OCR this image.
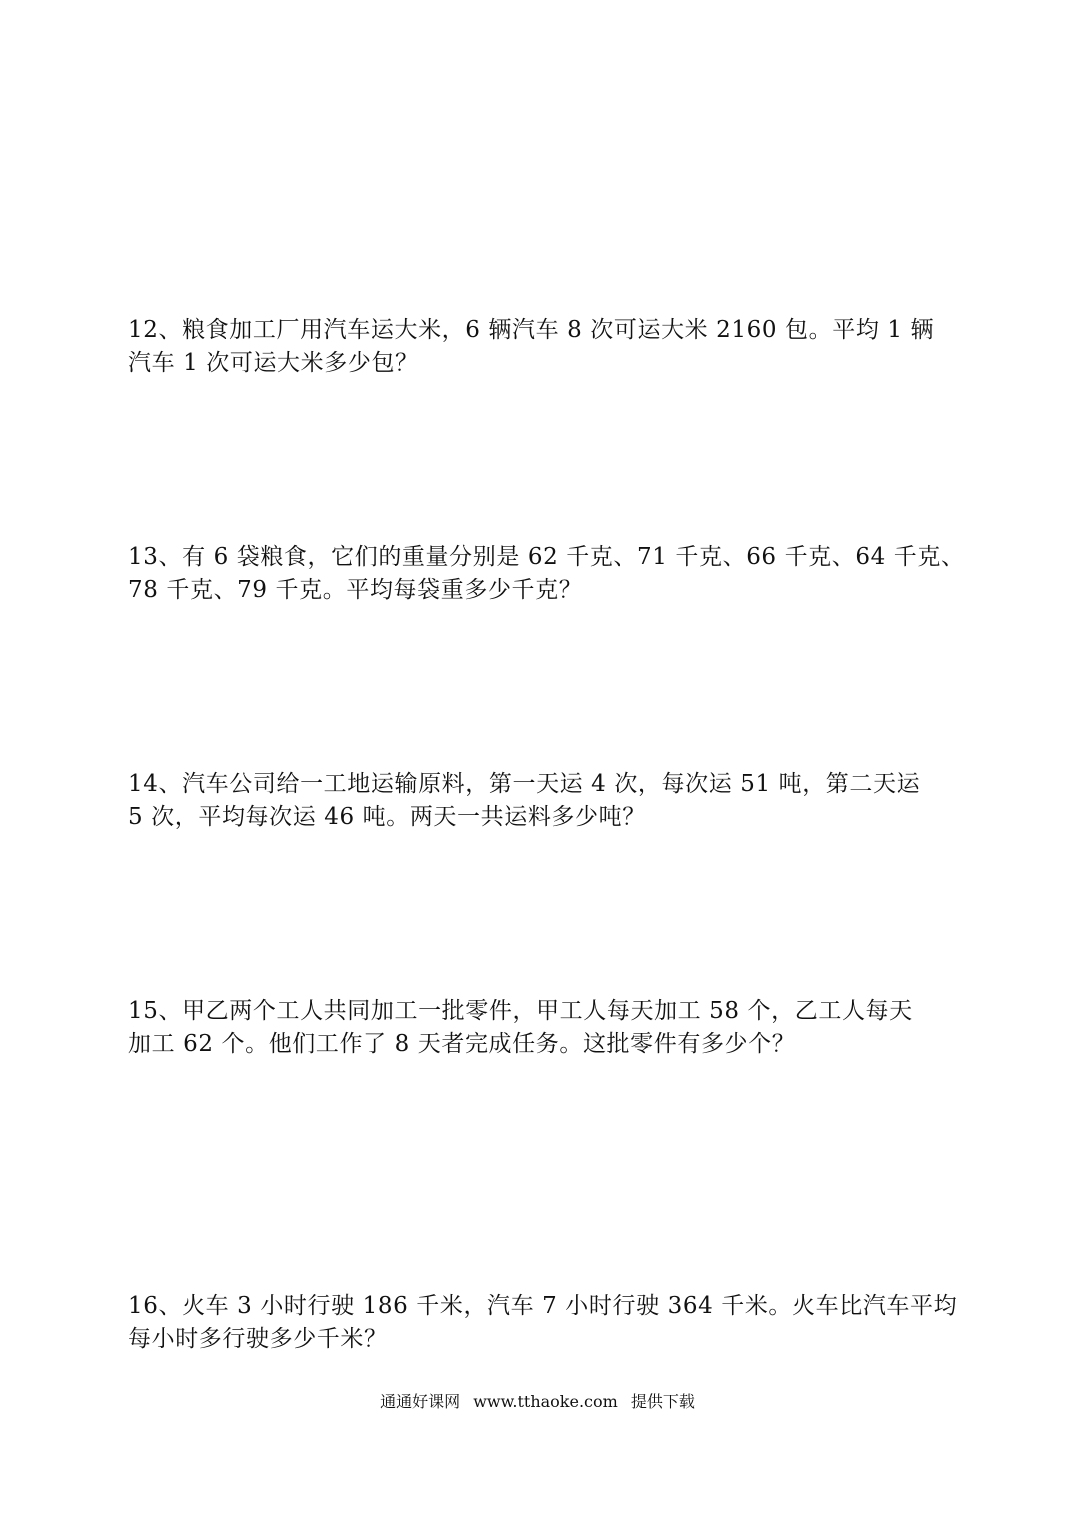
12、粮食加工厂用汽车运大米，6 辆汽车 8 次可运大米 2160 包。平均 1 辆
汽车 1 次可运大米多少包？
13、有 6 袋粮食，它们的重量分别是 62 千克、71 千克、66 千克、64 千克、
78 千克、79 千克。平均每袋重多少千克？
14、汽车公司给一工地运输原料，第一天运 4 次，每次运 51 吨，第二天运
5 次，平均每次运 46 吨。两天一共运料多少吨？
15、甲乙两个工人共同加工一批零件，甲工人每天加工 58 个，乙工人每天
加工 62 个。他们工作了 8 天者完成任务。这批零件有多少个？
16、火车 3 小时行驶 186 千米，汽车 7 小时行驶 364 千米。火车比汽车平均
每小时多行驶多少千米？
通通好课网 www.tthaoke.com 提供下载
